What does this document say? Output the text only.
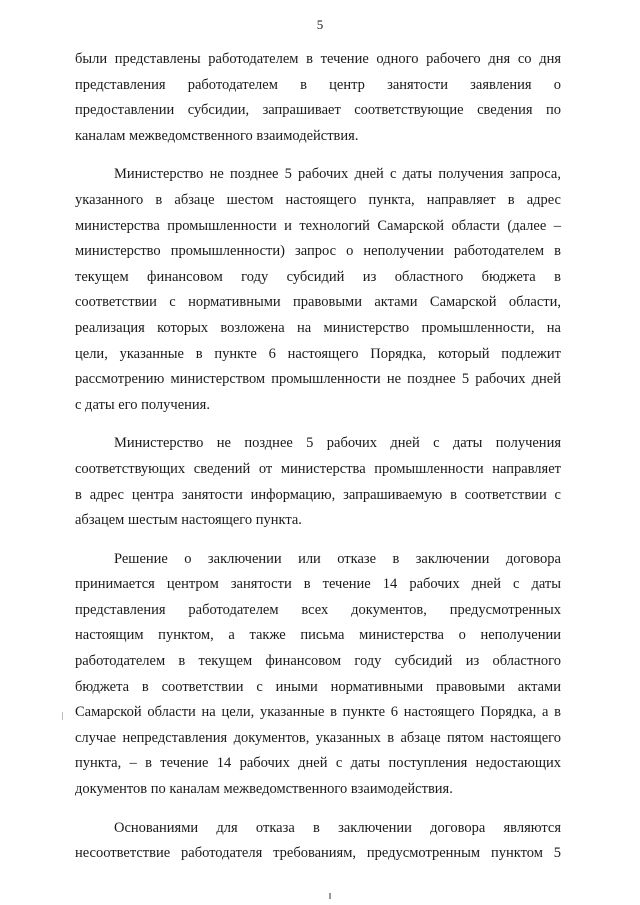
5

были представлены работодателем в течение одного рабочего дня со дня
представления работодателем в центр занятости заявления о
предоставлении субсидии, запрашивает соответствующие сведения по
каналам межведомственного взаимодействия.

Министерство не позднее 5 рабочих дней с даты получения запроса,
указанного в абзаце шестом настоящего пункта, направляет в адрес
министерства промышленности и технологий Самарской области (далее –
министерство промышленности) запрос о неполучении работодателем в
текущем финансовом году субсидий из областного бюджета в
соответствии с нормативными правовыми актами Самарской области,
реализация которых возложена на министерство промышленности, на
цели, указанные в пункте 6 настоящего Порядка, который подлежит
рассмотрению министерством промышленности не позднее 5 рабочих дней
с даты его получения.

Министерство не позднее 5 рабочих дней с даты получения
соответствующих сведений от министерства промышленности направляет
в адрес центра занятости информацию, запрашиваемую в соответствии с
абзацем шестым настоящего пункта.

Решение о заключении или отказе в заключении договора
принимается центром занятости в течение 14 рабочих дней с даты
представления работодателем всех документов, предусмотренных
настоящим пунктом, а также письма министерства о неполучении
работодателем в текущем финансовом году субсидий из областного
бюджета в соответствии с иными нормативными правовыми актами
Самарской области на цели, указанные в пункте 6 настоящего Порядка, а в
случае непредставления документов, указанных в абзаце пятом настоящего
пункта, – в течение 14 рабочих дней с даты поступления недостающих
документов по каналам межведомственного взаимодействия.

Основаниями для отказа в заключении договора являются
несоответствие работодателя требованиям, предусмотренным пунктом 5
